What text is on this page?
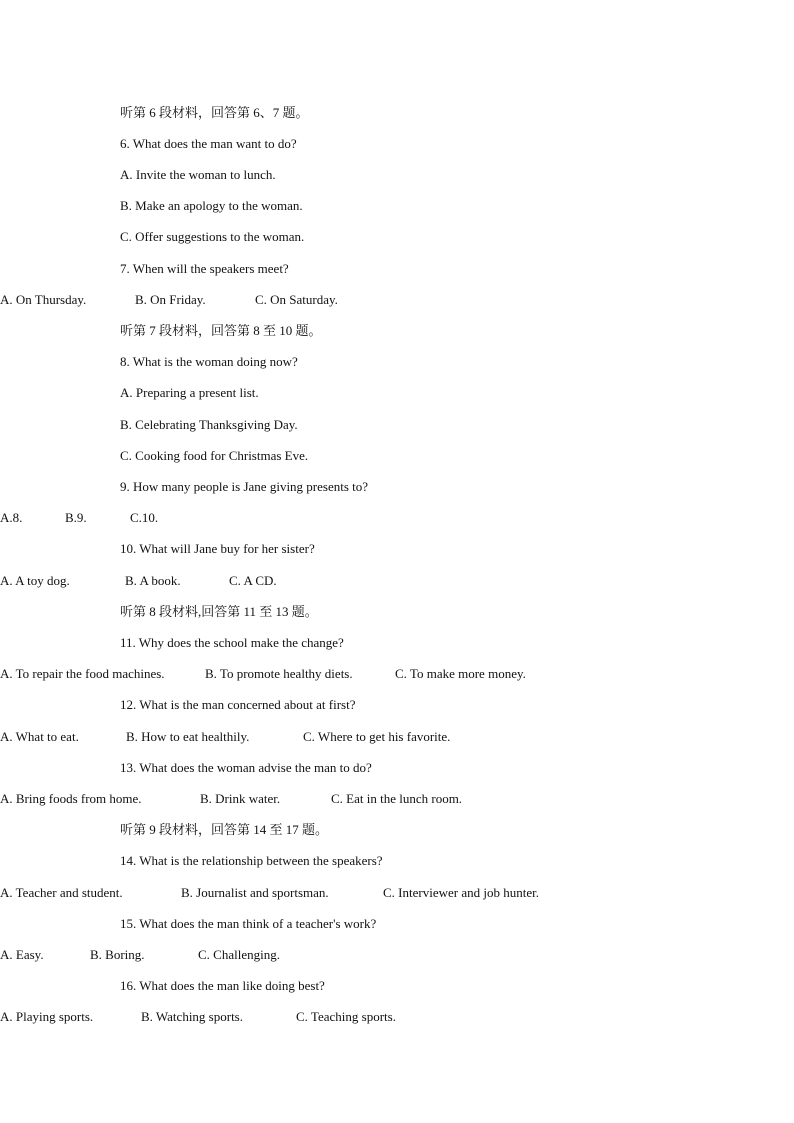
听第 6 段材料，回答第 6、7 题。
6. What does the man want to do?
A. Invite the woman to lunch.
B. Make an apology to the woman.
C. Offer suggestions to the woman.
7. When will the speakers meet?
A. On Thursday.	B. On Friday.	C. On Saturday.
听第 7 段材料，回答第 8 至 10 题。
8. What is the woman doing now?
A. Preparing a present list.
B. Celebrating Thanksgiving Day.
C. Cooking food for Christmas Eve.
9. How many people is Jane giving presents to?
A.8.	B.9.	C.10.
10. What will Jane buy for her sister?
A. A toy dog.	B. A book.	C. A CD.
听第 8 段材料,回答第 11 至 13 题。
11. Why does the school make the change?
A. To repair the food machines.	B. To promote healthy diets.	C. To make more money.
12. What is the man concerned about at first?
A. What to eat.	B. How to eat healthily.	C. Where to get his favorite.
13. What does the woman advise the man to do?
A. Bring foods from home.	B. Drink water.	C. Eat in the lunch room.
听第 9 段材料，回答第 14 至 17 题。
14. What is the relationship between the speakers?
A. Teacher and student.	B. Journalist and sportsman.	C. Interviewer and job hunter.
15. What does the man think of a teacher's work?
A. Easy.	B. Boring.	C. Challenging.
16. What does the man like doing best?
A. Playing sports.	B. Watching sports.	C. Teaching sports.
